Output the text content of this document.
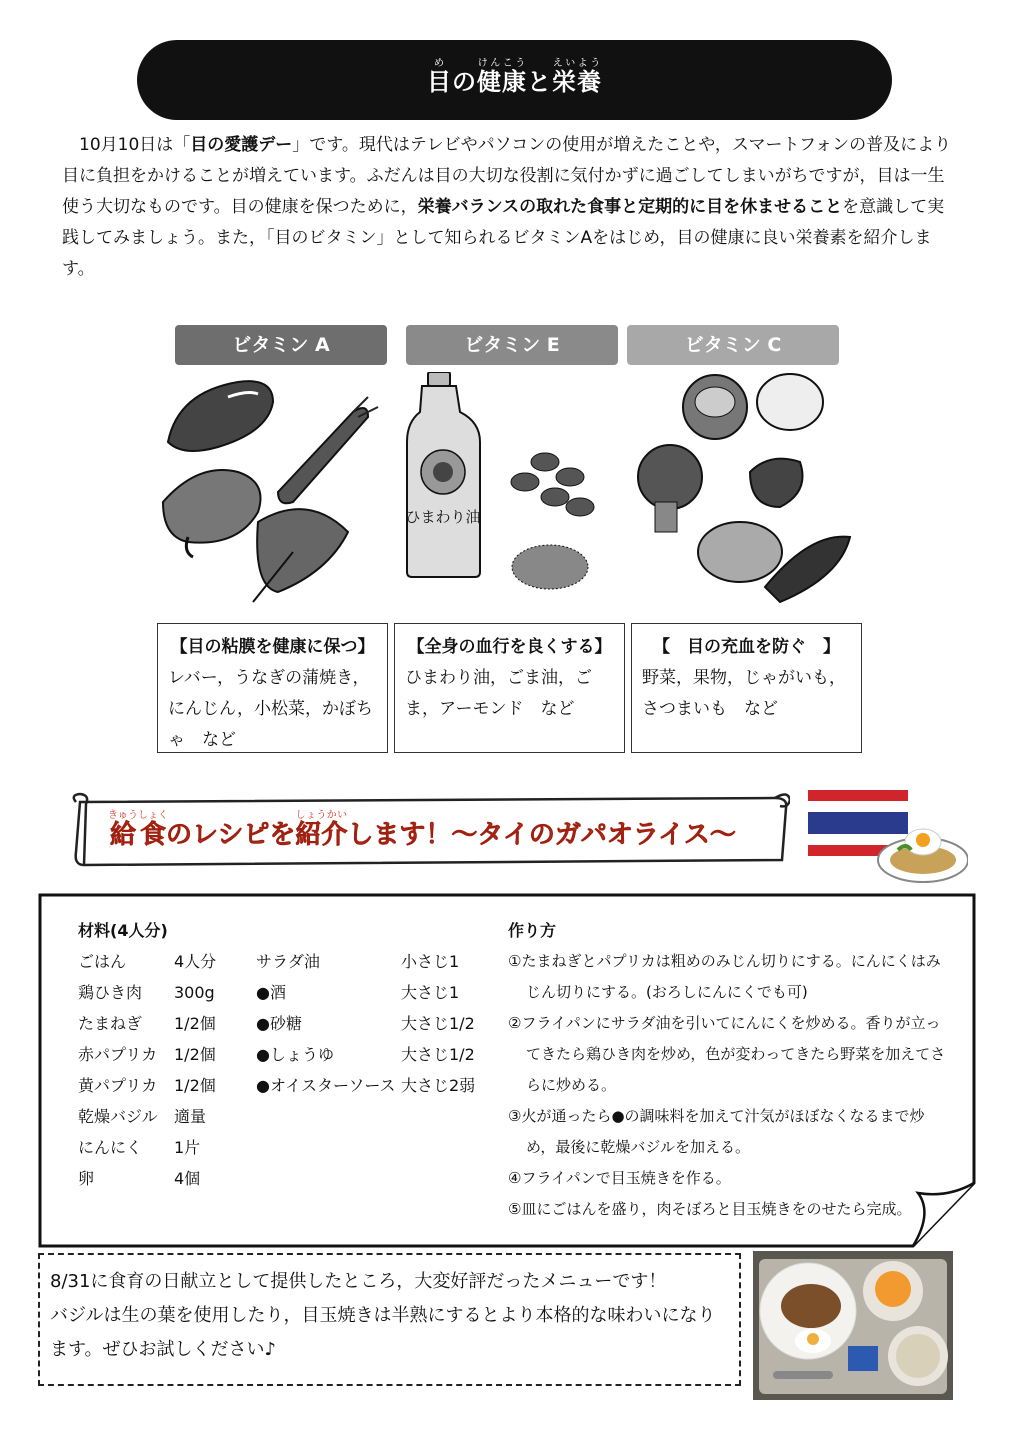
目めの健康けんこうと栄養えいよう
　10月10日は「目の愛護デー」です。現代はテレビやパソコンの使用が増えたことや，スマートフォンの普及により目に負担をかけることが増えています。ふだんは目の大切な役割に気付かずに過ごしてしまいがちですが，目は一生使う大切なものです。目の健康を保つために，栄養バランスの取れた食事と定期的に目を休ませることを意識して実践してみましょう。また，「目のビタミン」として知られるビタミンAをはじめ，目の健康に良い栄養素を紹介します。
ビタミン A	ビタミン E	ビタミン C
ひまわり油
【目の粘膜を健康に保つ】
レバー，うなぎの蒲焼き，にんじん，小松菜，かぼちゃ　など
【全身の血行を良くする】
ひまわり油，ごま油，ごま，アーモンド　など
【　目の充血を防ぐ　】
野菜，果物，じゃがいも，さつまいも　など
給食きゅうしょくのレシピを紹介しょうかいします！～タイのガパオライス～
材料(4人分)
ごはん	4人分
鶏ひき肉 300g
たまねぎ 1/2個
赤パプリカ 1/2個
黄パプリカ 1/2個
乾燥バジル 適量
にんにく 1片
卵	4個
サラダ油	小さじ1
●酒	大さじ1
●砂糖	大さじ1/2
●しょうゆ	大さじ1/2
●オイスターソース 大さじ2弱
作り方
①たまねぎとパプリカは粗めのみじん切りにする。にんにくはみじん切りにする。(おろしにんにくでも可)
②フライパンにサラダ油を引いてにんにくを炒める。香りが立ってきたら鶏ひき肉を炒め，色が変わってきたら野菜を加えてさらに炒める。
③火が通ったら●の調味料を加えて汁気がほぼなくなるまで炒め，最後に乾燥バジルを加える。
④フライパンで目玉焼きを作る。
⑤皿にごはんを盛り，肉そぼろと目玉焼きをのせたら完成。
8/31に食育の日献立として提供したところ，大変好評だったメニューです！
バジルは生の葉を使用したり，目玉焼きは半熟にするとより本格的な味わいになります。ぜひお試しください♪
